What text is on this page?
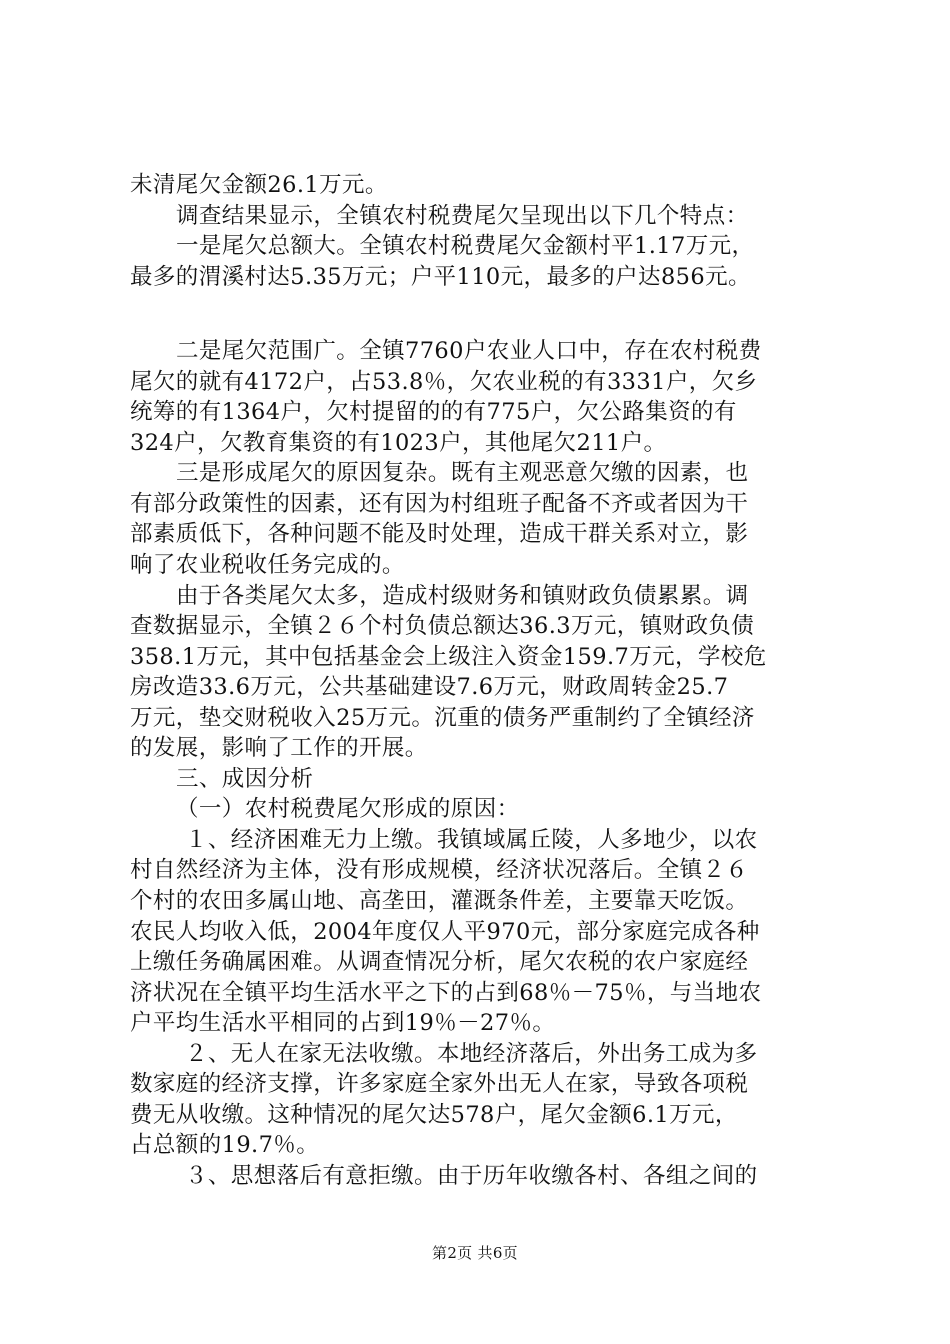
未清尾欠金额26.1万元。
调查结果显示，全镇农村税费尾欠呈现出以下几个特点：
一是尾欠总额大。全镇农村税费尾欠金额村平1.17万元，
最多的渭溪村达5.35万元；户平110元，最多的户达856元。
二是尾欠范围广。全镇7760户农业人口中，存在农村税费
尾欠的就有4172户，占53.8％，欠农业税的有3331户，欠乡
统筹的有1364户，欠村提留的的有775户，欠公路集资的有
324户，欠教育集资的有1023户，其他尾欠211户。
三是形成尾欠的原因复杂。既有主观恶意欠缴的因素，也
有部分政策性的因素，还有因为村组班子配备不齐或者因为干
部素质低下，各种问题不能及时处理，造成干群关系对立，影
响了农业税收任务完成的。
由于各类尾欠太多，造成村级财务和镇财政负债累累。调
查数据显示，全镇２６个村负债总额达36.3万元，镇财政负债
358.1万元，其中包括基金会上级注入资金159.7万元，学校危
房改造33.6万元，公共基础建设7.6万元，财政周转金25.7
万元，垫交财税收入25万元。沉重的债务严重制约了全镇经济
的发展，影响了工作的开展。
三、成因分析
（一）农村税费尾欠形成的原因：
１、经济困难无力上缴。我镇域属丘陵，人多地少，以农
村自然经济为主体，没有形成规模，经济状况落后。全镇２６
个村的农田多属山地、高垄田，灌溉条件差，主要靠天吃饭。
农民人均收入低，2004年度仅人平970元，部分家庭完成各种
上缴任务确属困难。从调查情况分析，尾欠农税的农户家庭经
济状况在全镇平均生活水平之下的占到68％－75％，与当地农
户平均生活水平相同的占到19％－27％。
２、无人在家无法收缴。本地经济落后，外出务工成为多
数家庭的经济支撑，许多家庭全家外出无人在家，导致各项税
费无从收缴。这种情况的尾欠达578户，尾欠金额6.1万元，
占总额的19.7％。
３、思想落后有意拒缴。由于历年收缴各村、各组之间的
第2页 共6页
